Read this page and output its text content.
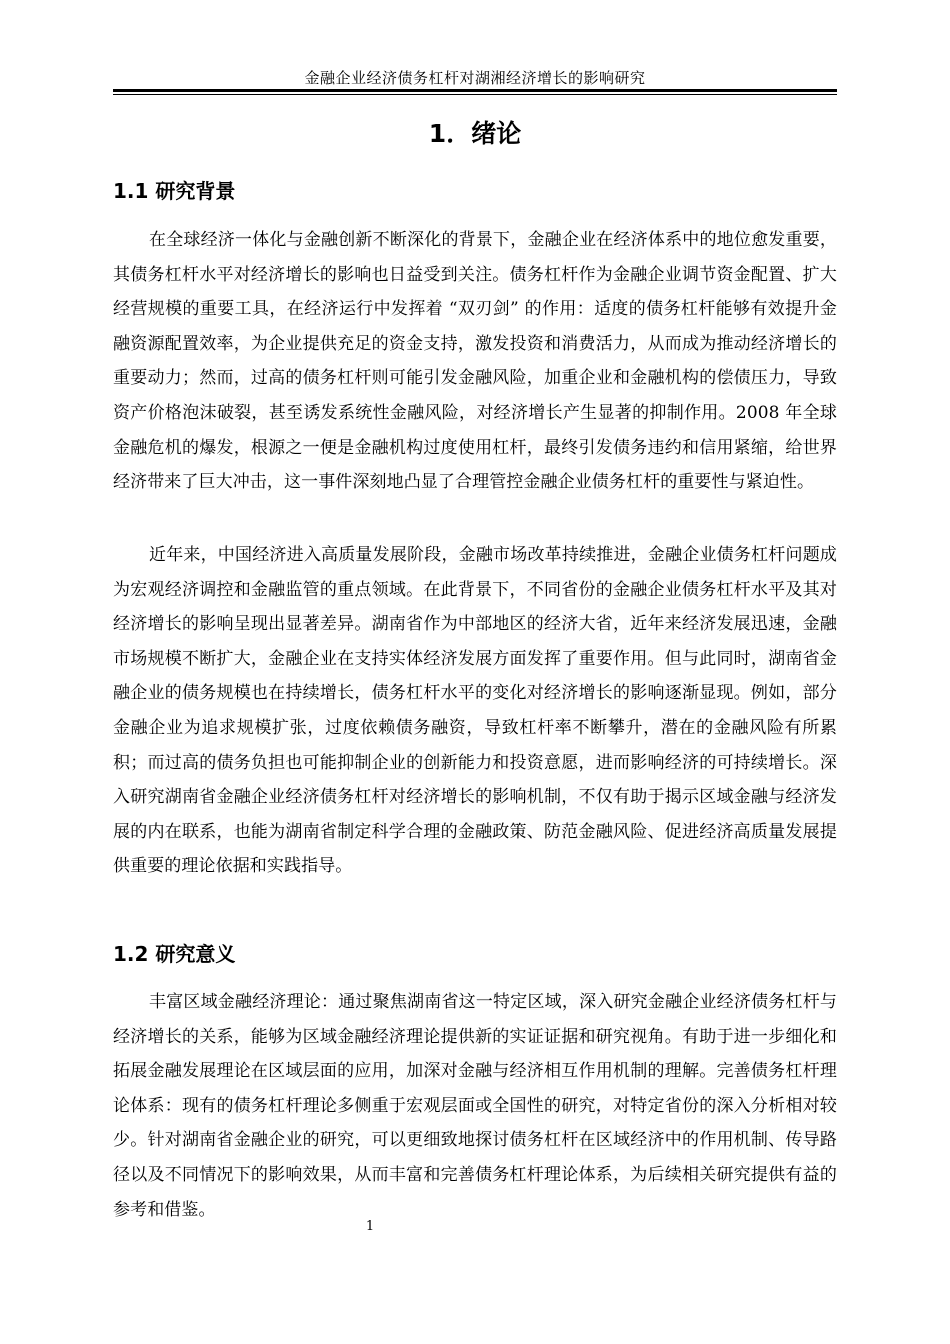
金融企业经济债务杠杆对湖湘经济增长的影响研究
1．绪论
1.1 研究背景

在全球经济一体化与金融创新不断深化的背景下，金融企业在经济体系中的地位愈发重要，其债务杠杆水平对经济增长的影响也日益受到关注。债务杠杆作为金融企业调节资金配置、扩大经营规模的重要工具，在经济运行中发挥着 “双刃剑” 的作用：适度的债务杠杆能够有效提升金融资源配置效率，为企业提供充足的资金支持，激发投资和消费活力，从而成为推动经济增长的重要动力；然而，过高的债务杠杆则可能引发金融风险，加重企业和金融机构的偿债压力，导致资产价格泡沫破裂，甚至诱发系统性金融风险，对经济增长产生显著的抑制作用。2008 年全球金融危机的爆发，根源之一便是金融机构过度使用杠杆，最终引发债务违约和信用紧缩，给世界经济带来了巨大冲击，这一事件深刻地凸显了合理管控金融企业债务杠杆的重要性与紧迫性。

近年来，中国经济进入高质量发展阶段，金融市场改革持续推进，金融企业债务杠杆问题成为宏观经济调控和金融监管的重点领域。在此背景下，不同省份的金融企业债务杠杆水平及其对经济增长的影响呈现出显著差异。湖南省作为中部地区的经济大省，近年来经济发展迅速，金融市场规模不断扩大，金融企业在支持实体经济发展方面发挥了重要作用。但与此同时，湖南省金融企业的债务规模也在持续增长，债务杠杆水平的变化对经济增长的影响逐渐显现。例如，部分金融企业为追求规模扩张，过度依赖债务融资，导致杠杆率不断攀升，潜在的金融风险有所累积；而过高的债务负担也可能抑制企业的创新能力和投资意愿，进而影响经济的可持续增长。深入研究湖南省金融企业经济债务杠杆对经济增长的影响机制，不仅有助于揭示区域金融与经济发展的内在联系，也能为湖南省制定科学合理的金融政策、防范金融风险、促进经济高质量发展提供重要的理论依据和实践指导。

1.2 研究意义

丰富区域金融经济理论：通过聚焦湖南省这一特定区域，深入研究金融企业经济债务杠杆与经济增长的关系，能够为区域金融经济理论提供新的实证证据和研究视角。有助于进一步细化和拓展金融发展理论在区域层面的应用，加深对金融与经济相互作用机制的理解。完善债务杠杆理论体系：现有的债务杠杆理论多侧重于宏观层面或全国性的研究，对特定省份的深入分析相对较少。针对湖南省金融企业的研究，可以更细致地探讨债务杠杆在区域经济中的作用机制、传导路径以及不同情况下的影响效果，从而丰富和完善债务杠杆理论体系，为后续相关研究提供有益的参考和借鉴。

1
